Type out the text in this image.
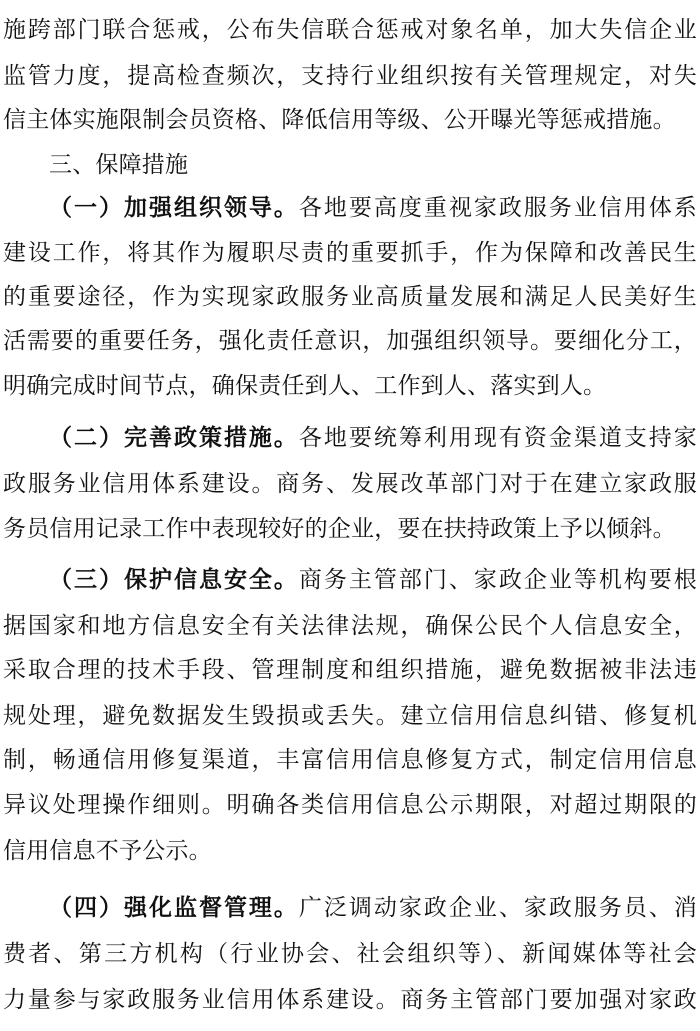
施跨部门联合惩戒，公布失信联合惩戒对象名单，加大失信企业
监管力度，提高检查频次，支持行业组织按有关管理规定，对失
信主体实施限制会员资格、降低信用等级、公开曝光等惩戒措施。
三、保障措施
（一）加强组织领导。各地要高度重视家政服务业信用体系
建设工作，将其作为履职尽责的重要抓手，作为保障和改善民生
的重要途径，作为实现家政服务业高质量发展和满足人民美好生
活需要的重要任务，强化责任意识，加强组织领导。要细化分工，
明确完成时间节点，确保责任到人、工作到人、落实到人。
（二）完善政策措施。各地要统筹利用现有资金渠道支持家
政服务业信用体系建设。商务、发展改革部门对于在建立家政服
务员信用记录工作中表现较好的企业，要在扶持政策上予以倾斜。
（三）保护信息安全。商务主管部门、家政企业等机构要根
据国家和地方信息安全有关法律法规，确保公民个人信息安全，
采取合理的技术手段、管理制度和组织措施，避免数据被非法违
规处理，避免数据发生毁损或丢失。建立信用信息纠错、修复机
制，畅通信用修复渠道，丰富信用信息修复方式，制定信用信息
异议处理操作细则。明确各类信用信息公示期限，对超过期限的
信用信息不予公示。
（四）强化监督管理。广泛调动家政企业、家政服务员、消
费者、第三方机构（行业协会、社会组织等）、新闻媒体等社会
力量参与家政服务业信用体系建设。商务主管部门要加强对家政
